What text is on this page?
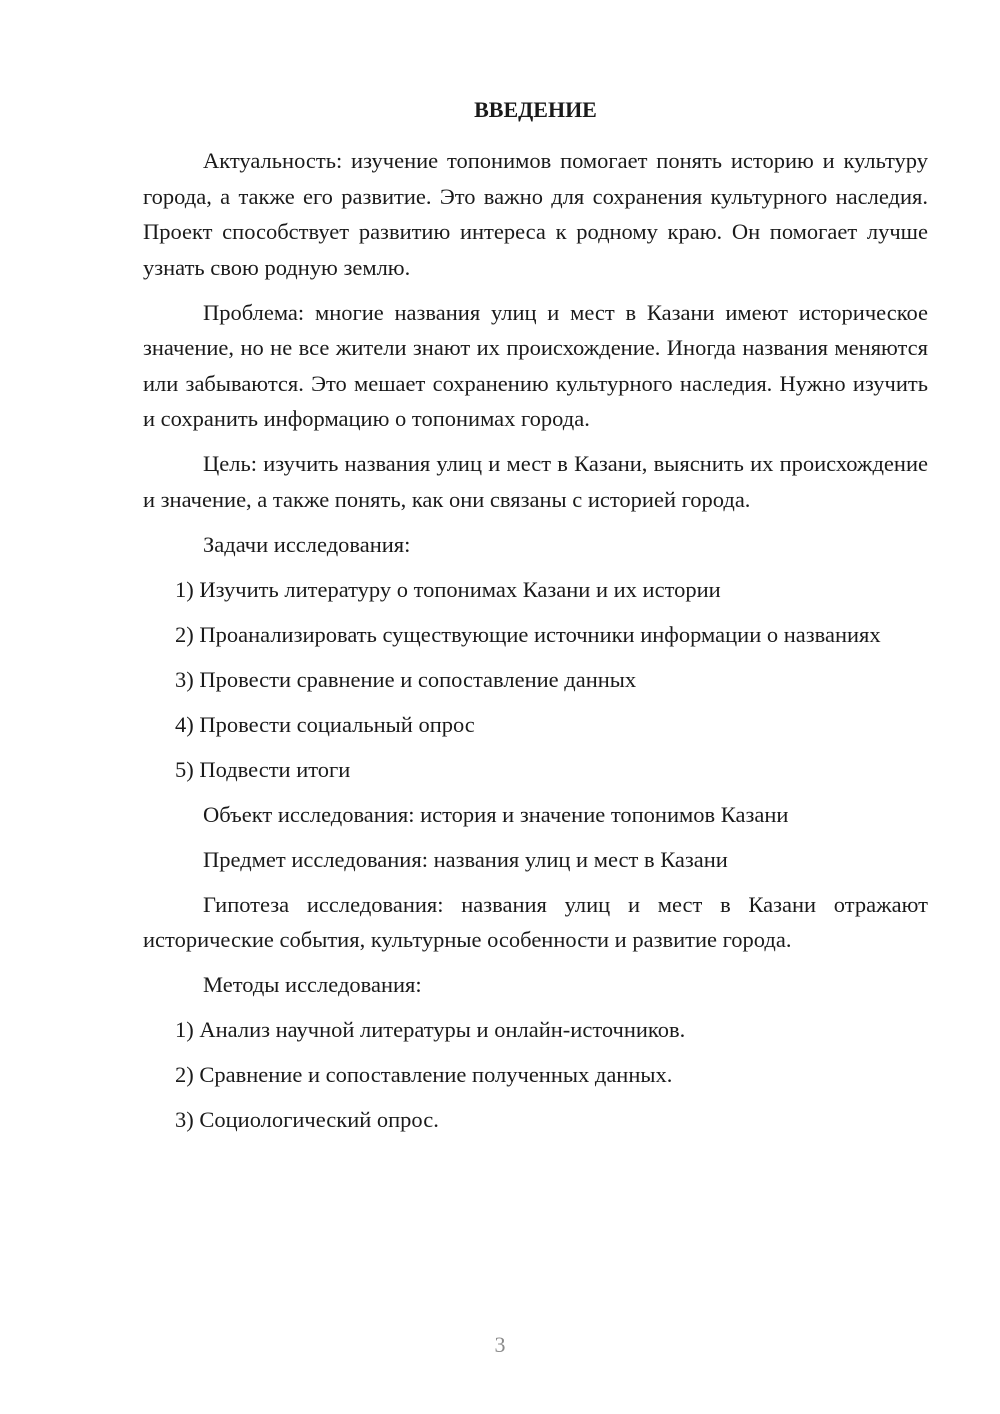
ВВЕДЕНИЕ

Актуальность: изучение топонимов помогает понять историю и культуру города, а также его развитие. Это важно для сохранения культурного наследия. Проект способствует развитию интереса к родному краю. Он помогает лучше узнать свою родную землю.

Проблема: многие названия улиц и мест в Казани имеют историческое значение, но не все жители знают их происхождение. Иногда названия меняются или забываются. Это мешает сохранению культурного наследия. Нужно изучить и сохранить информацию о топонимах города.

Цель: изучить названия улиц и мест в Казани, выяснить их происхождение и значение, а также понять, как они связаны с историей города.

Задачи исследования:

1) Изучить литературу о топонимах Казани и их истории

2) Проанализировать существующие источники информации о названиях

3) Провести сравнение и сопоставление данных

4) Провести социальный опрос

5) Подвести итоги

Объект исследования: история и значение топонимов Казани

Предмет исследования: названия улиц и мест в Казани

Гипотеза исследования: названия улиц и мест в Казани отражают исторические события, культурные особенности и развитие города.

Методы исследования:

1) Анализ научной литературы и онлайн-источников.

2) Сравнение и сопоставление полученных данных.

3) Социологический опрос.

3
